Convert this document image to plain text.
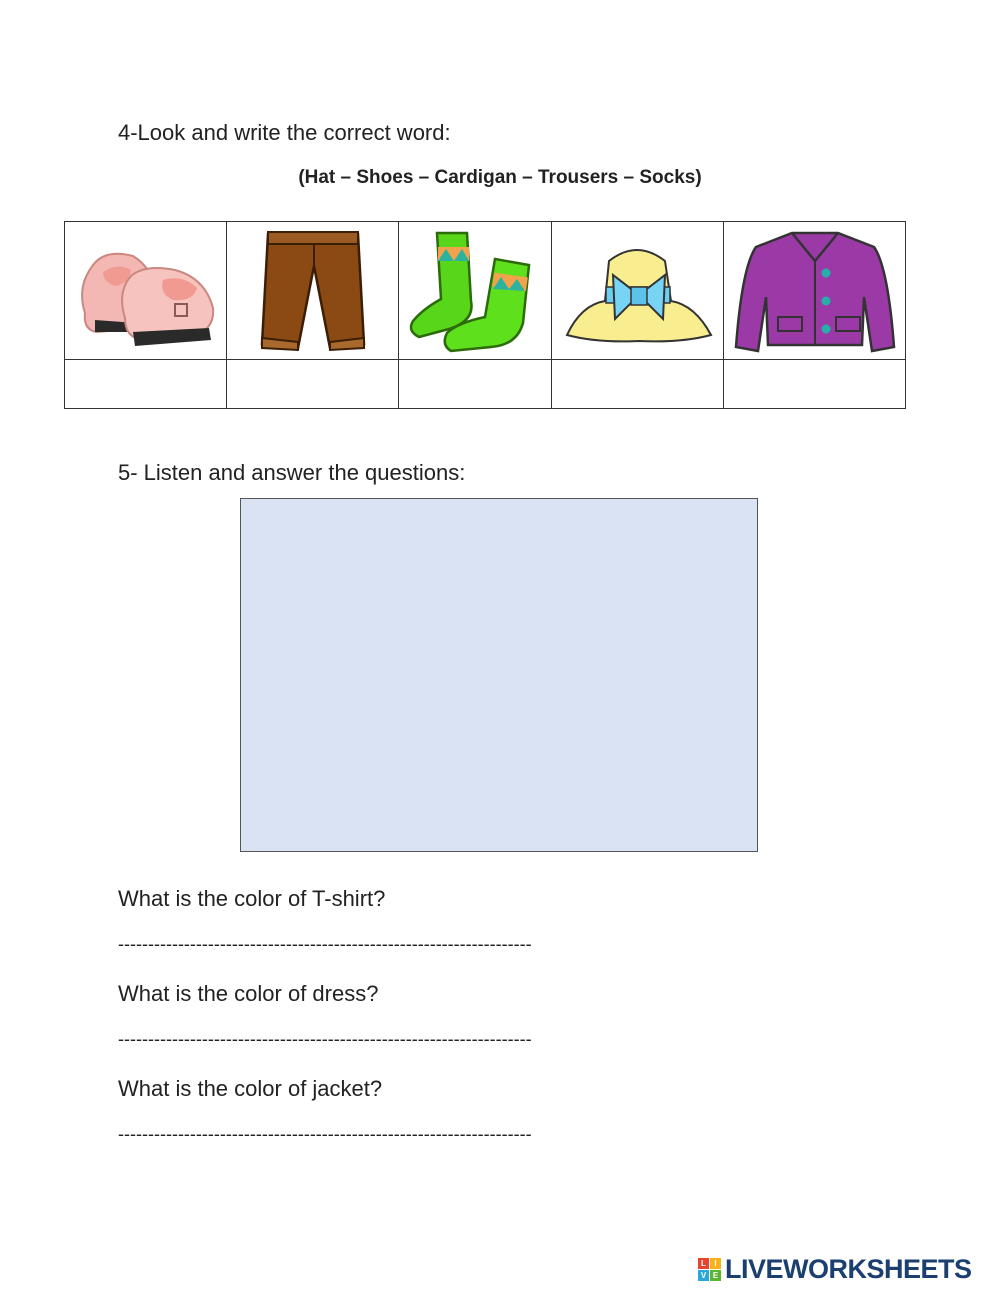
4-Look and write the correct word:
(Hat – Shoes – Cardigan – Trousers – Socks)

5- Listen and answer the questions:
What is the color of T-shirt?
---------------------------------------------------------------------
What is the color of dress?
---------------------------------------------------------------------
What is the color of jacket?
---------------------------------------------------------------------
L	I
V E LIVEWORKSHEETS
